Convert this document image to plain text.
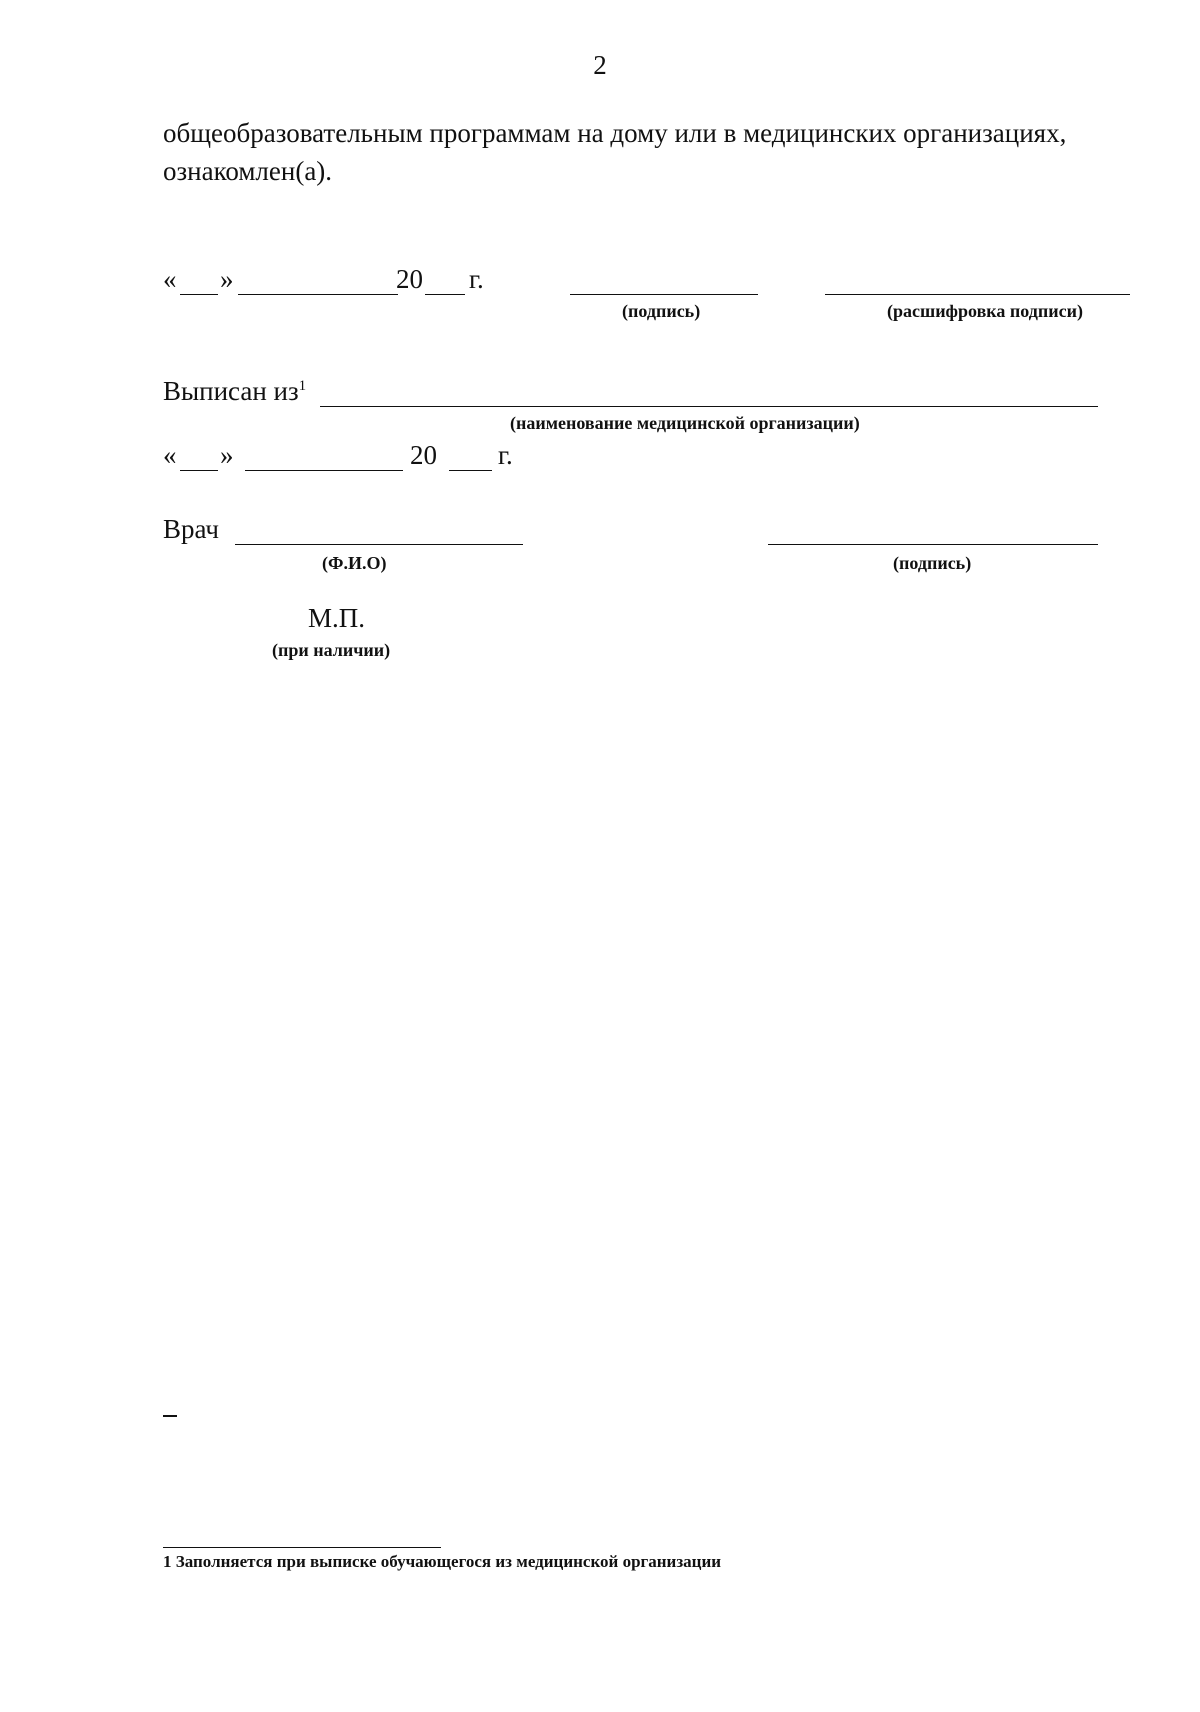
2
общеобразовательным программам на дому или в медицинских организациях,
ознакомлен(а).
« »	20 г.
(подпись)	(расшифровка подписи)
Выписан $из^1$
(наименование медицинской организации)
« »	20 г.
Врач
(Ф.И.О)	(подпись)
М.П.
(при наличии)
1 Заполняется при выписке обучающегося из медицинской организации
